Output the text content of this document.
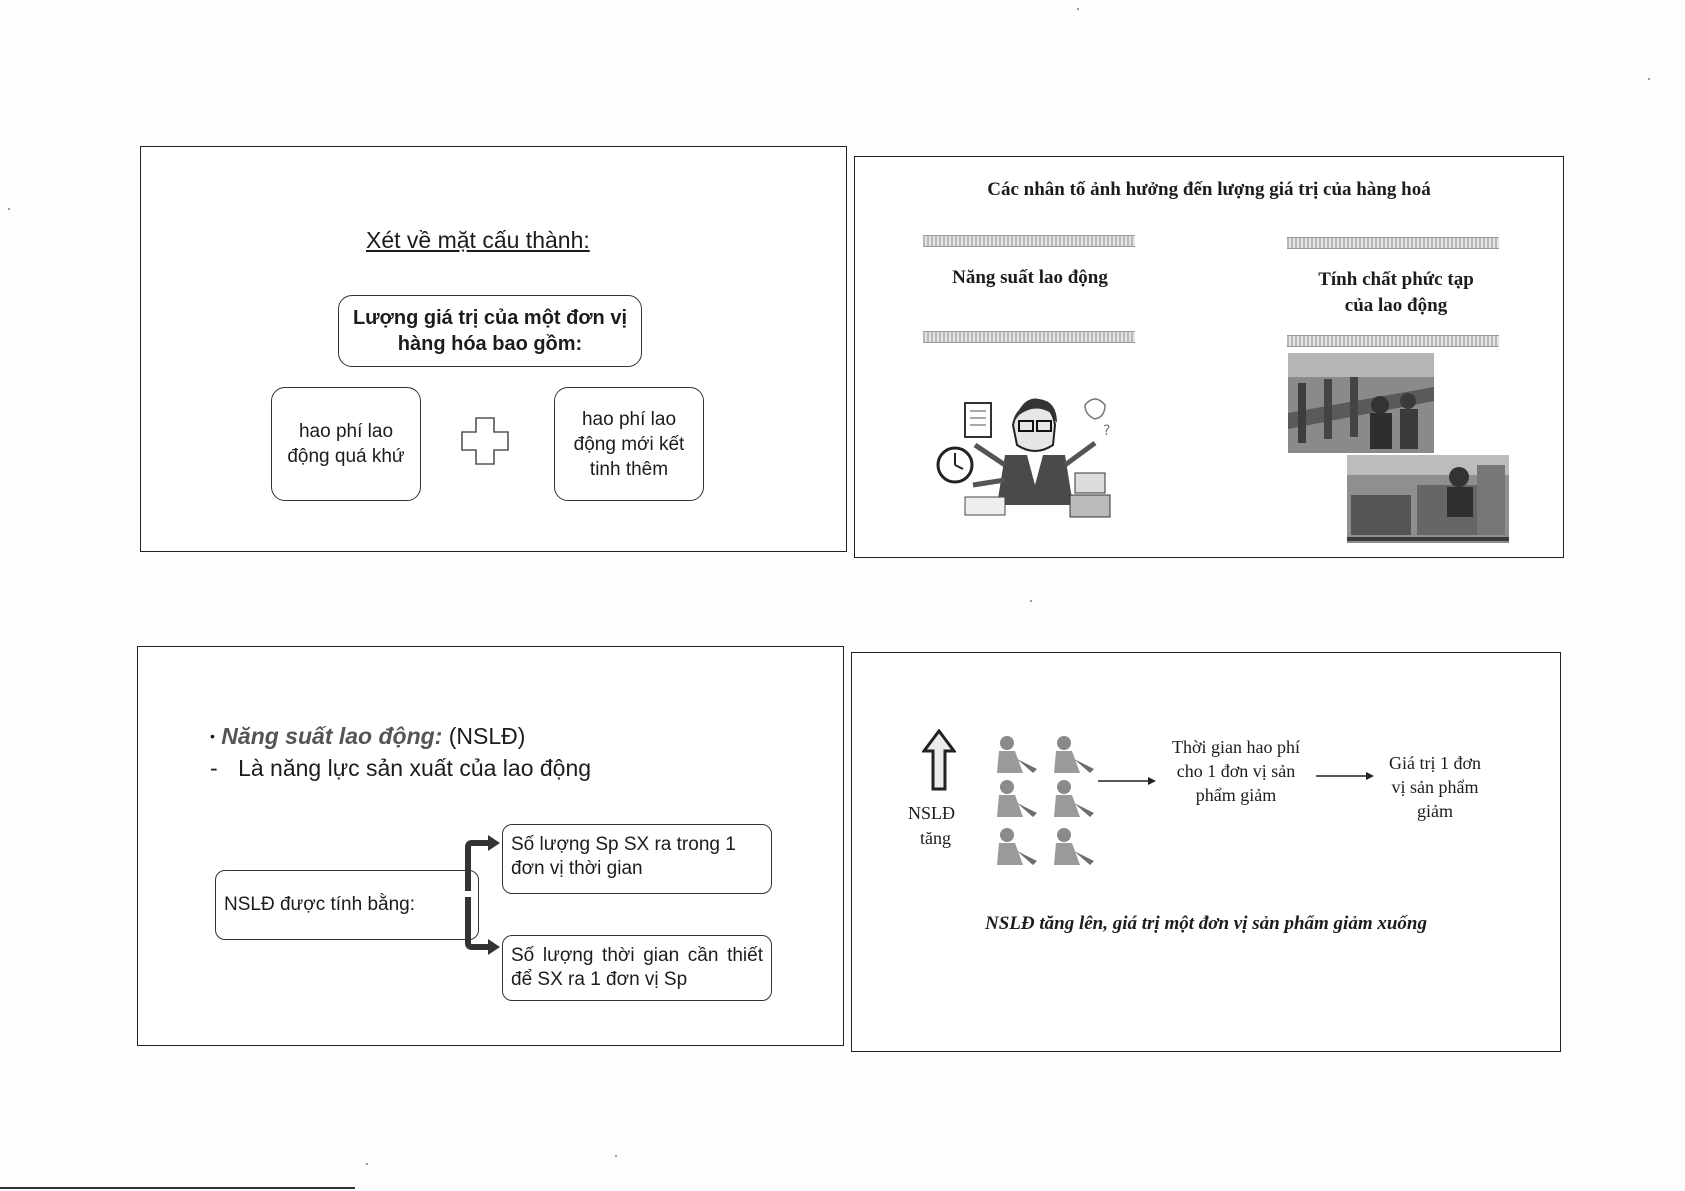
Xét về mặt cấu thành:
Lượng giá trị của một đơn vị hàng hóa bao gồm:
hao phí lao động quá khứ
hao phí lao động mới kết tinh thêm
Các nhân tố ảnh hưởng đến lượng giá trị của hàng hoá
Năng suất lao động	Tính chất phức tạp của lao động
?
• Năng suất lao động: (NSLĐ)
- Là năng lực sản xuất của lao động
NSLĐ được tính bằng:
Số lượng Sp SX ra trong 1 đơn vị thời gian
Số lượng thời gian cần thiết để SX ra 1 đơn vị Sp
NSLĐ
tăng
Thời gian hao phí cho 1 đơn vị sản phẩm giảm
Giá trị 1 đơn vị sản phẩm giảm
NSLĐ tăng lên, giá trị một đơn vị sản phẩm giảm xuống
